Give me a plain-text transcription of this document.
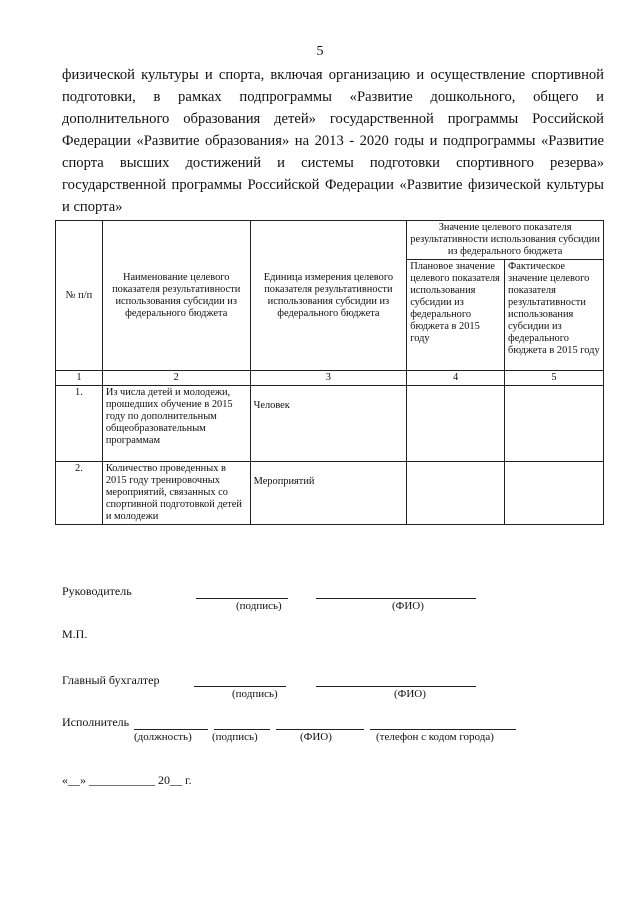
5

физической культуры и спорта, включая организацию и осуществление спортивной подготовки, в рамках подпрограммы «Развитие дошкольного, общего и дополнительного образования детей» государственной программы Российской Федерации «Развитие образования» на 2013 - 2020 годы и подпрограммы «Развитие спорта высших достижений и системы подготовки спортивного резерва» государственной программы Российской Федерации «Развитие физической культуры и спорта»

№ п/п	Наименование целевого показателя результативности использования субсидии из федерального бюджета	Единица измерения целевого показателя результативности использования субсидии из федерального бюджета	Значение целевого показателя результативности использования субсидии из федерального бюджета	
			Плановое значение целевого показателя использования субсидии из федерального бюджета в 2015 году	Фактическое значение целевого показателя результативности использования субсидии из федерального бюджета в 2015 году
1	2	3	4	5
1.	Из числа детей и молодежи, прошедших обучение в 2015 году по дополнительным общеобразовательным программам	Человек		
2.	Количество проведенных в 2015 году тренировочных мероприятий, связанных со спортивной подготовкой детей и молодежи	Мероприятий		
Руководитель
(подпись)	(ФИО)
М.П.
Главный бухгалтер
(подпись)	(ФИО)
Исполнитель
(должность) (подпись)	(ФИО)	(телефон с кодом города)
«__» ___________ 20__ г.
